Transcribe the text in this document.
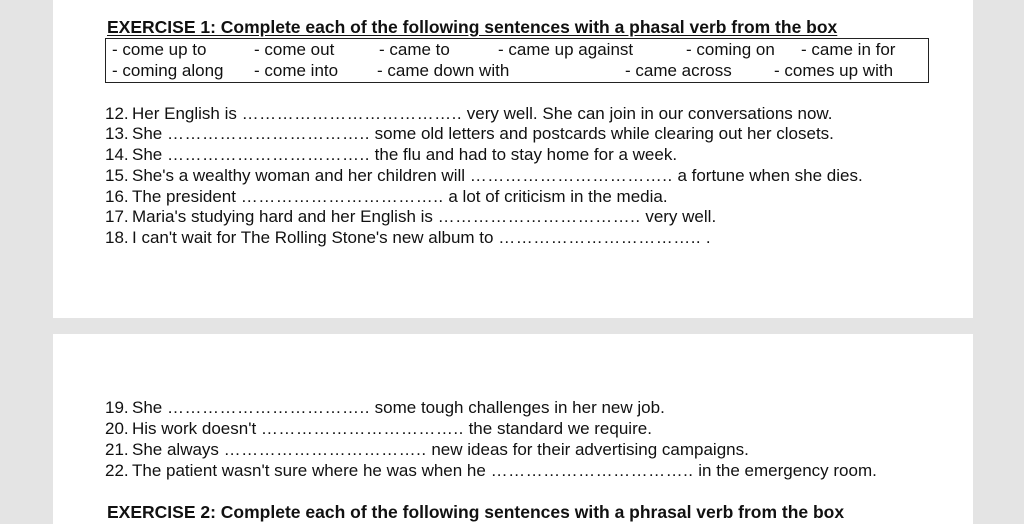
EXERCISE 1: Complete each of the following sentences with a phasal verb from the box
- come up to	- come out	- came to	- came up against	- coming on - came in for
- coming along - come into - came down with	- came across - comes up with
12. Her English is ……………………………….. very well. She can join in our conversations now.
13. She …………………………….. some old letters and postcards while clearing out her closets.
14. She …………………………….. the flu and had to stay home for a week.
15. She's a wealthy woman and her children will …………………………….. a fortune when she dies.
16. The president …………………………….. a lot of criticism in the media.
17. Maria's studying hard and her English is …………………………….. very well.
18. I can't wait for The Rolling Stone's new album to …………………………….. .
19. She …………………………….. some tough challenges in her new job.
20. His work doesn't …………………………….. the standard we require.
21. She always …………………………….. new ideas for their advertising campaigns.
22. The patient wasn't sure where he was when he …………………………….. in the emergency room.
EXERCISE 2: Complete each of the following sentences with a phrasal verb from the box
